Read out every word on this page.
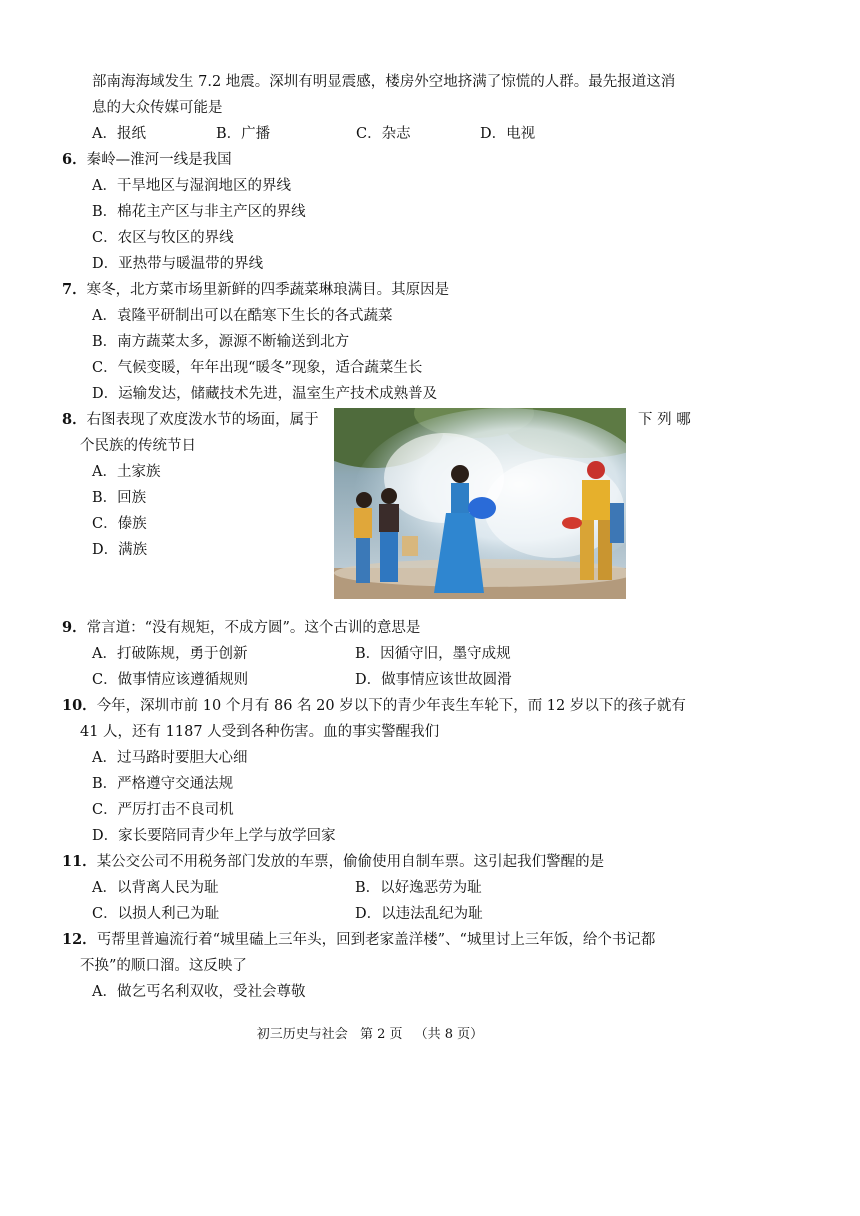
部南海海域发生 7.2 地震。深圳有明显震感，楼房外空地挤满了惊慌的人群。最先报道这消
息的大众传媒可能是
A．报纸	B．广播	C．杂志	D．电视
6．秦岭—淮河一线是我国
A．干旱地区与湿润地区的界线
B．棉花主产区与非主产区的界线
C．农区与牧区的界线
D．亚热带与暖温带的界线
7．寒冬，北方菜市场里新鲜的四季蔬菜琳琅满目。其原因是
A．袁隆平研制出可以在酷寒下生长的各式蔬菜
B．南方蔬菜太多，源源不断输送到北方
C．气候变暖，年年出现“暖冬”现象，适合蔬菜生长
D．运输发达，储藏技术先进，温室生产技术成熟普及
8．右图表现了欢度泼水节的场面，属于	下 列 哪
个民族的传统节日
A．土家族
B．回族
C．傣族
D．满族
9．常言道：“没有规矩，不成方圆”。这个古训的意思是
A．打破陈规，勇于创新	B．因循守旧，墨守成规
C．做事情应该遵循规则	D．做事情应该世故圆滑
10．今年，深圳市前 10 个月有 86 名 20 岁以下的青少年丧生车轮下，而 12 岁以下的孩子就有
41 人，还有 1187 人受到各种伤害。血的事实警醒我们
A．过马路时要胆大心细
B．严格遵守交通法规
C．严厉打击不良司机
D．家长要陪同青少年上学与放学回家
11．某公交公司不用税务部门发放的车票，偷偷使用自制车票。这引起我们警醒的是
A．以背离人民为耻	B．以好逸恶劳为耻
C．以损人利己为耻	D．以违法乱纪为耻
12．丐帮里普遍流行着“城里磕上三年头，回到老家盖洋楼”、“城里讨上三年饭，给个书记都
不换”的顺口溜。这反映了
A．做乞丐名利双收，受社会尊敬
初三历史与社会 第 2 页 （共 8 页）
